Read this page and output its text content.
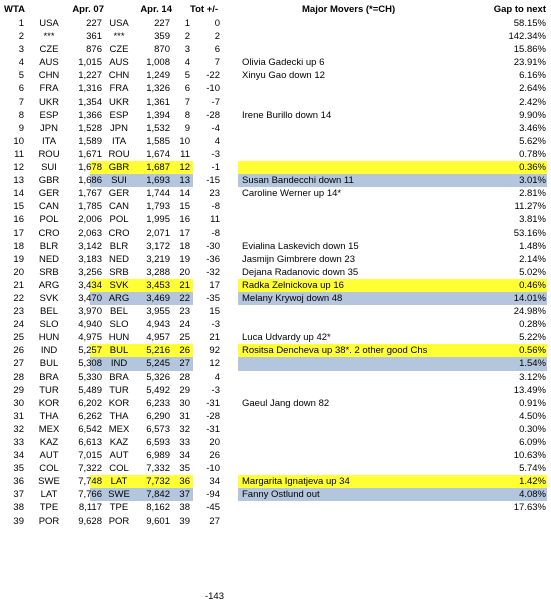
WTA	Apr. 07	Apr. 14 Tot +/-	Major Movers (*=CH)	Gap to next
1	USA	227 USA	227	1	0	58.15%
2	***	361	***	359	2	2	142.34%
3	CZE	876 CZE	870	3	6	15.86%
4	AUS	1,015 AUS	1,008	4	7 Olivia Gadecki up 6	23.91%
5	CHN	1,227 CHN	1,249	5	-22 Xinyu Gao down 12	6.16%
6	FRA	1,316 FRA	1,326	6	-10	2.64%
7	UKR	1,354 UKR	1,361	7	-7	2.42%
8	ESP	1,366 ESP	1,394	8	-28 Irene Burillo down 14	9.90%
9	JPN	1,528 JPN	1,532	9	-4	3.46%
10	ITA	1,589	ITA	1,585 10	4	5.62%
11	ROU	1,671 ROU	1,674	11	-3	0.78%
12	SUI	1,678 GBR	1,687 12	-1	0.36%
13	GBR	1,686 SUI	1,693 13	-15 Susan Bandecchi down 11	3.01%
14	GER	1,767 GER	1,744 14	23 Caroline Werner up 14*	2.81%
15	CAN	1,785 CAN	1,793 15	-8	11.27%
16	POL	2,006 POL	1,995 16	11	3.81%
17	CRO	2,063 CRO	2,071 17	-8	53.16%
18	BLR	3,142 BLR	3,172 18	-30 Evialina Laskevich down 15	1.48%
19	NED	3,183 NED	3,219 19	-36 Jasmijn Gimbrere down 23	2.14%
20	SRB	3,256 SRB	3,288 20	-32 Dejana Radanovic down 35	5.02%
21	ARG	3,434 SVK	3,453 21	17 Radka Zelnickova up 16	0.46%
22	SVK	3,470 ARG	3,469 22	-35 Melany Krywoj down 48	14.01%
23	BEL	3,970 BEL	3,955 23	15	24.98%
24	SLO	4,940 SLO	4,943 24	-3	0.28%
25	HUN	4,975 HUN	4,957 25	21 Luca Udvardy up 42*	5.22%
26	IND	5,257 BUL	5,216 26	92 Rositsa Dencheva up 38*. 2 other good Chs	0.56%
27	BUL	5,308 IND	5,245 27	12	1.54%
28	BRA	5,330 BRA	5,326 28	4	3.12%
29	TUR	5,489 TUR	5,492 29	-3	13.49%
30	KOR	6,202 KOR	6,233 30	-31 Gaeul Jang down 82	0.91%
31	THA	6,262 THA	6,290 31	-28	4.50%
32	MEX	6,542 MEX	6,573 32	-31	0.30%
33	KAZ	6,613 KAZ	6,593 33	20	6.09%
34	AUT	7,015 AUT	6,989 34	26	10.63%
35	COL	7,322 COL	7,332 35	-10	5.74%
36	SWE	7,748 LAT	7,732 36	34 Margarita Ignatjeva up 34	1.42%
37	LAT	7,766 SWE	7,842 37	-94 Fanny Ostlund out	4.08%
38	TPE	8,117 TPE	8,162 38	-45	17.63%
39	POR	9,628 POR	9,601 39	27
-143
